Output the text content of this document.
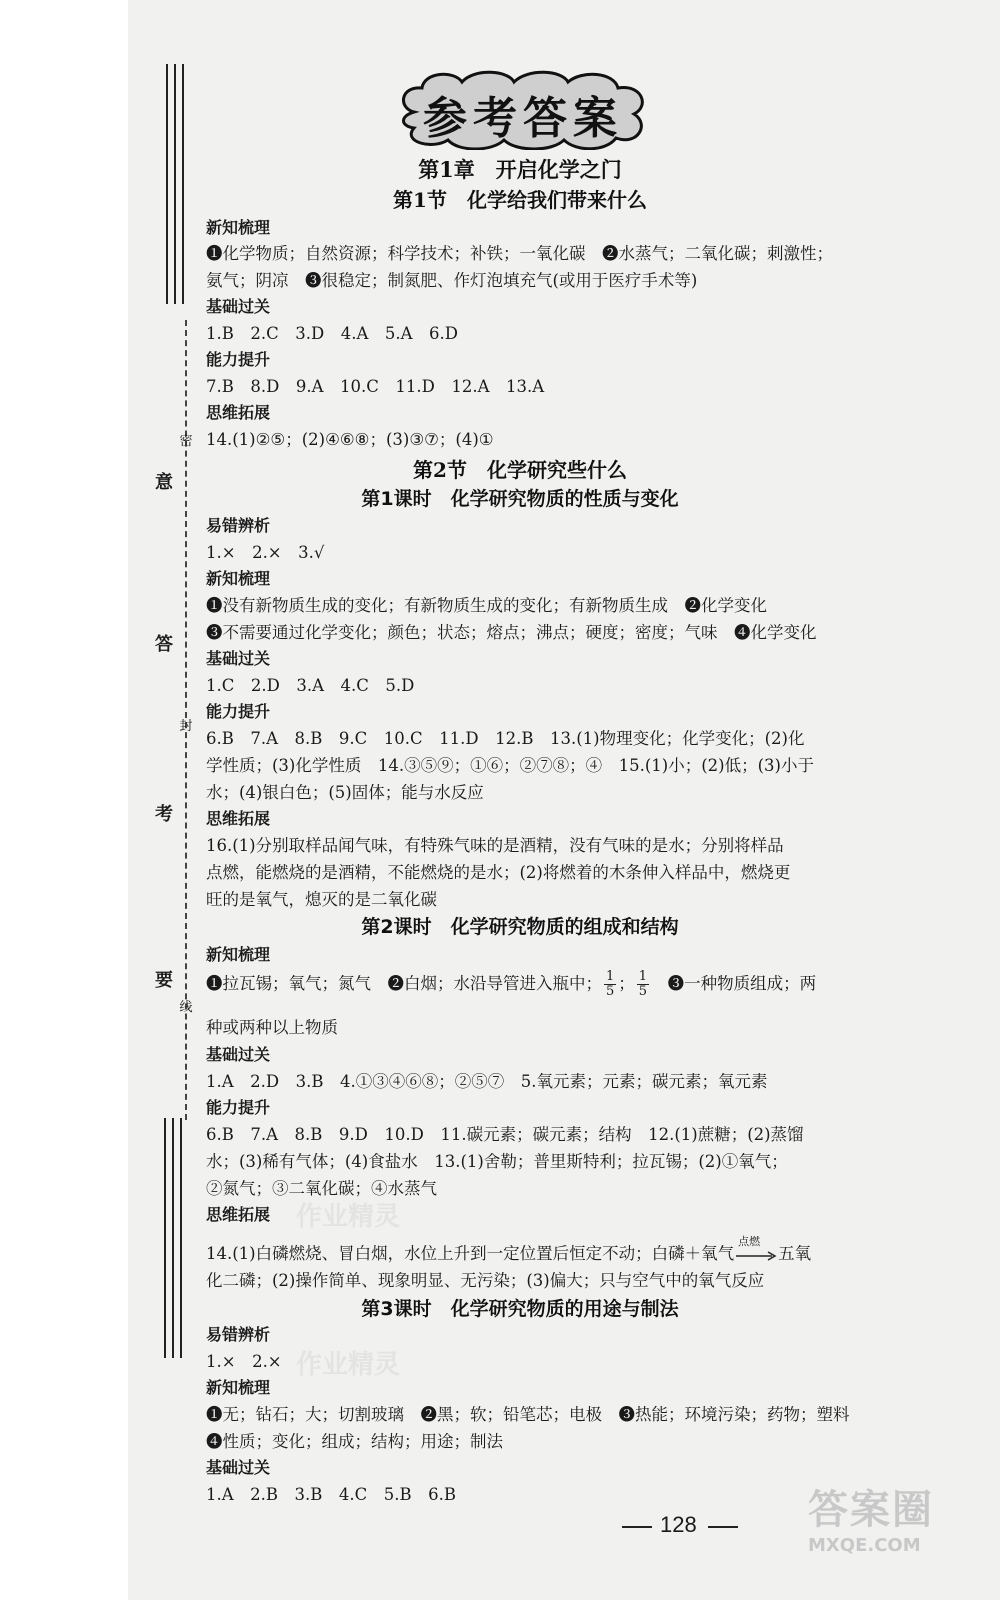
密
封
线
意
答
考
要
参考答案
第1章　开启化学之门
第1节　化学给我们带来什么
新知梳理
❶化学物质；自然资源；科学技术；补铁；一氧化碳　❷水蒸气；二氧化碳；刺激性；
氨气；阴凉　❸很稳定；制氮肥、作灯泡填充气(或用于医疗手术等)
基础过关
1.B　2.C　3.D　4.A　5.A　6.D
能力提升
7.B　8.D　9.A　10.C　11.D　12.A　13.A
思维拓展
14.(1)②⑤；(2)④⑥⑧；(3)③⑦；(4)①
第2节　化学研究些什么
第1课时　化学研究物质的性质与变化
易错辨析
1.×　2.×　3.√
新知梳理
❶没有新物质生成的变化；有新物质生成的变化；有新物质生成　❷化学变化
❸不需要通过化学变化；颜色；状态；熔点；沸点；硬度；密度；气味　❹化学变化
基础过关
1.C　2.D　3.A　4.C　5.D
能力提升
6.B　7.A　8.B　9.C　10.C　11.D　12.B　13.(1)物理变化；化学变化；(2)化
学性质；(3)化学性质　14.③⑤⑨；①⑥；②⑦⑧；④　15.(1)小；(2)低；(3)小于
水；(4)银白色；(5)固体；能与水反应
思维拓展
16.(1)分别取样品闻气味，有特殊气味的是酒精，没有气味的是水；分别将样品
点燃，能燃烧的是酒精，不能燃烧的是水；(2)将燃着的木条伸入样品中，燃烧更
旺的是氧气，熄灭的是二氧化碳
第2课时　化学研究物质的组成和结构
新知梳理
❶拉瓦锡；氧气；氮气　❷白烟；水沿导管进入瓶中； $\frac{1}{5}$ ； $\frac{1}{5}$ 　❸一种物质组成；两
种或两种以上物质
基础过关
1.A　2.D　3.B　4.①③④⑥⑧；②⑤⑦　5.氧元素；元素；碳元素；氧元素
能力提升
6.B　7.A　8.B　9.D　10.D　11.碳元素；碳元素；结构　12.(1)蔗糖；(2)蒸馏
水；(3)稀有气体；(4)食盐水　13.(1)舍勒；普里斯特利；拉瓦锡；(2)①氧气；
②氮气；③二氧化碳；④水蒸气
思维拓展 作业精灵
14.(1)白磷燃烧、冒白烟，水位上升到一定位置后恒定不动；白磷＋氧气
点燃
五氧
化二磷；(2)操作简单、现象明显、无污染；(3)偏大；只与空气中的氧气反应
第3课时　化学研究物质的用途与制法
易错辨析
1.×　2.× 作业精灵
新知梳理
❶无；钻石；大；切割玻璃　❷黑；软；铅笔芯；电极　❸热能；环境污染；药物；塑料
❹性质；变化；组成；结构；用途；制法
基础过关
1.A　2.B　3.B　4.C　5.B　6.B
128	答案圈
MXQE.COM
